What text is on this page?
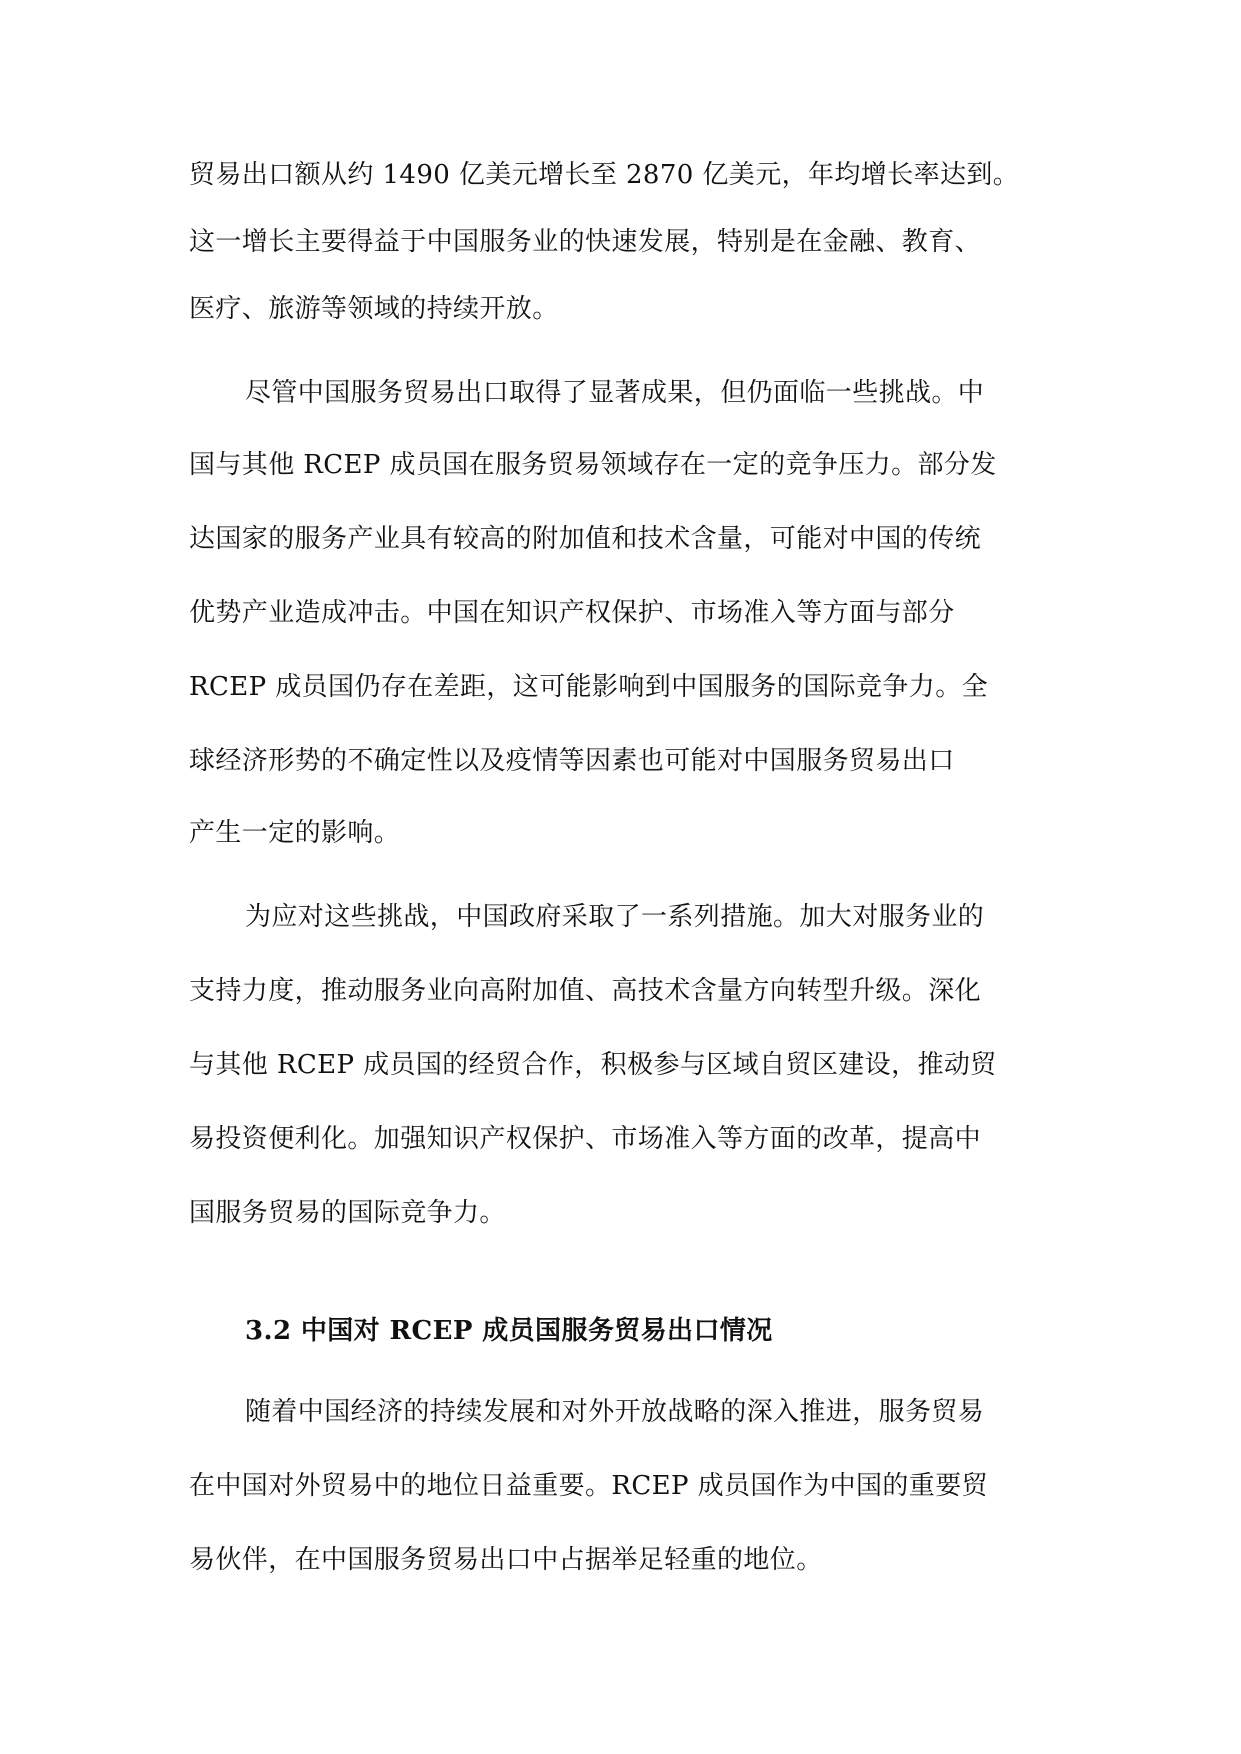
贸易出口额从约 1490 亿美元增长至 2870 亿美元，年均增长率达到。
这一增长主要得益于中国服务业的快速发展，特别是在金融、教育、
医疗、旅游等领域的持续开放。
尽管中国服务贸易出口取得了显著成果，但仍面临一些挑战。中
国与其他 RCEP 成员国在服务贸易领域存在一定的竞争压力。部分发
达国家的服务产业具有较高的附加值和技术含量，可能对中国的传统
优势产业造成冲击。中国在知识产权保护、市场准入等方面与部分
RCEP 成员国仍存在差距，这可能影响到中国服务的国际竞争力。全
球经济形势的不确定性以及疫情等因素也可能对中国服务贸易出口
产生一定的影响。
为应对这些挑战，中国政府采取了一系列措施。加大对服务业的
支持力度，推动服务业向高附加值、高技术含量方向转型升级。深化
与其他 RCEP 成员国的经贸合作，积极参与区域自贸区建设，推动贸
易投资便利化。加强知识产权保护、市场准入等方面的改革，提高中
国服务贸易的国际竞争力。
3.2 中国对 RCEP 成员国服务贸易出口情况
随着中国经济的持续发展和对外开放战略的深入推进，服务贸易
在中国对外贸易中的地位日益重要。RCEP 成员国作为中国的重要贸
易伙伴，在中国服务贸易出口中占据举足轻重的地位。
